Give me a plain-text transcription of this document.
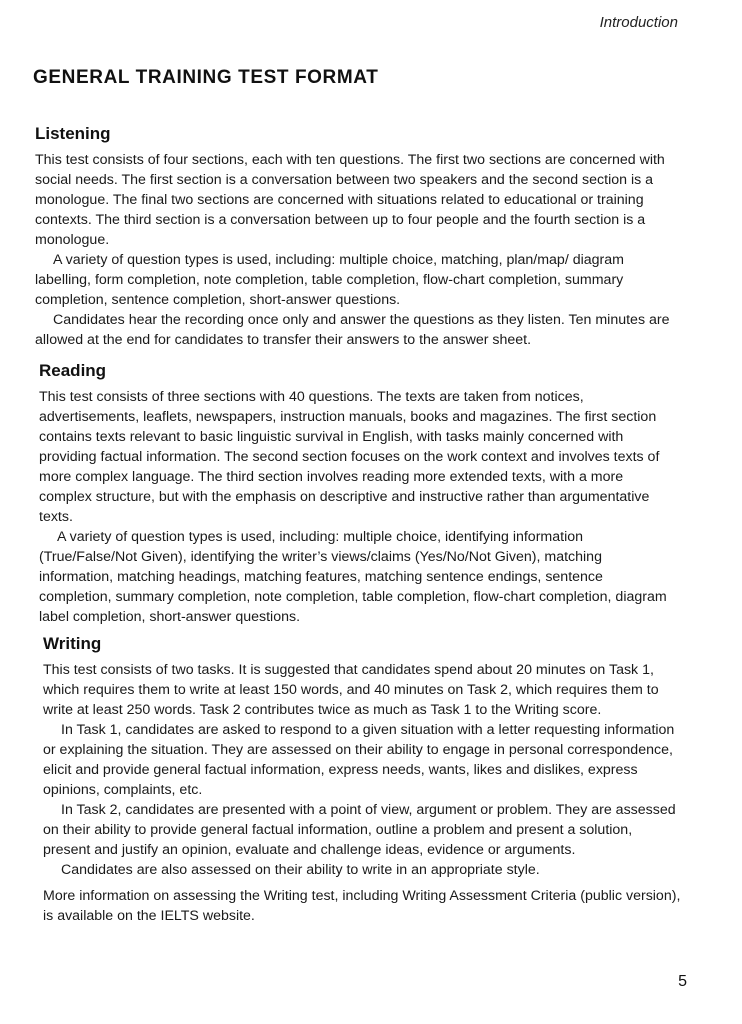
Introduction
GENERAL TRAINING TEST FORMAT
Listening

This test consists of four sections, each with ten questions. The first two sections are concerned with social needs. The first section is a conversation between two speakers and the second section is a monologue. The final two sections are concerned with situations related to educational or training contexts. The third section is a conversation between up to four people and the fourth section is a monologue.

A variety of question types is used, including: multiple choice, matching, plan/map/ diagram labelling, form completion, note completion, table completion, flow-chart completion, summary completion, sentence completion, short-answer questions.

Candidates hear the recording once only and answer the questions as they listen. Ten minutes are allowed at the end for candidates to transfer their answers to the answer sheet.

Reading

This test consists of three sections with 40 questions. The texts are taken from notices, advertisements, leaflets, newspapers, instruction manuals, books and magazines. The first section contains texts relevant to basic linguistic survival in English, with tasks mainly concerned with providing factual information. The second section focuses on the work context and involves texts of more complex language. The third section involves reading more extended texts, with a more complex structure, but with the emphasis on descriptive and instructive rather than argumentative texts.

A variety of question types is used, including: multiple choice, identifying information (True/False/Not Given), identifying the writer’s views/claims (Yes/No/Not Given), matching information, matching headings, matching features, matching sentence endings, sentence completion, summary completion, note completion, table completion, flow-chart completion, diagram label completion, short-answer questions.

Writing

This test consists of two tasks. It is suggested that candidates spend about 20 minutes on Task 1, which requires them to write at least 150 words, and 40 minutes on Task 2, which requires them to write at least 250 words. Task 2 contributes twice as much as Task 1 to the Writing score.

In Task 1, candidates are asked to respond to a given situation with a letter requesting information or explaining the situation. They are assessed on their ability to engage in personal correspondence, elicit and provide general factual information, express needs, wants, likes and dislikes, express opinions, complaints, etc.

In Task 2, candidates are presented with a point of view, argument or problem. They are assessed on their ability to provide general factual information, outline a problem and present a solution, present and justify an opinion, evaluate and challenge ideas, evidence or arguments.

Candidates are also assessed on their ability to write in an appropriate style.

More information on assessing the Writing test, including Writing Assessment Criteria (public version), is available on the IELTS website.

5
